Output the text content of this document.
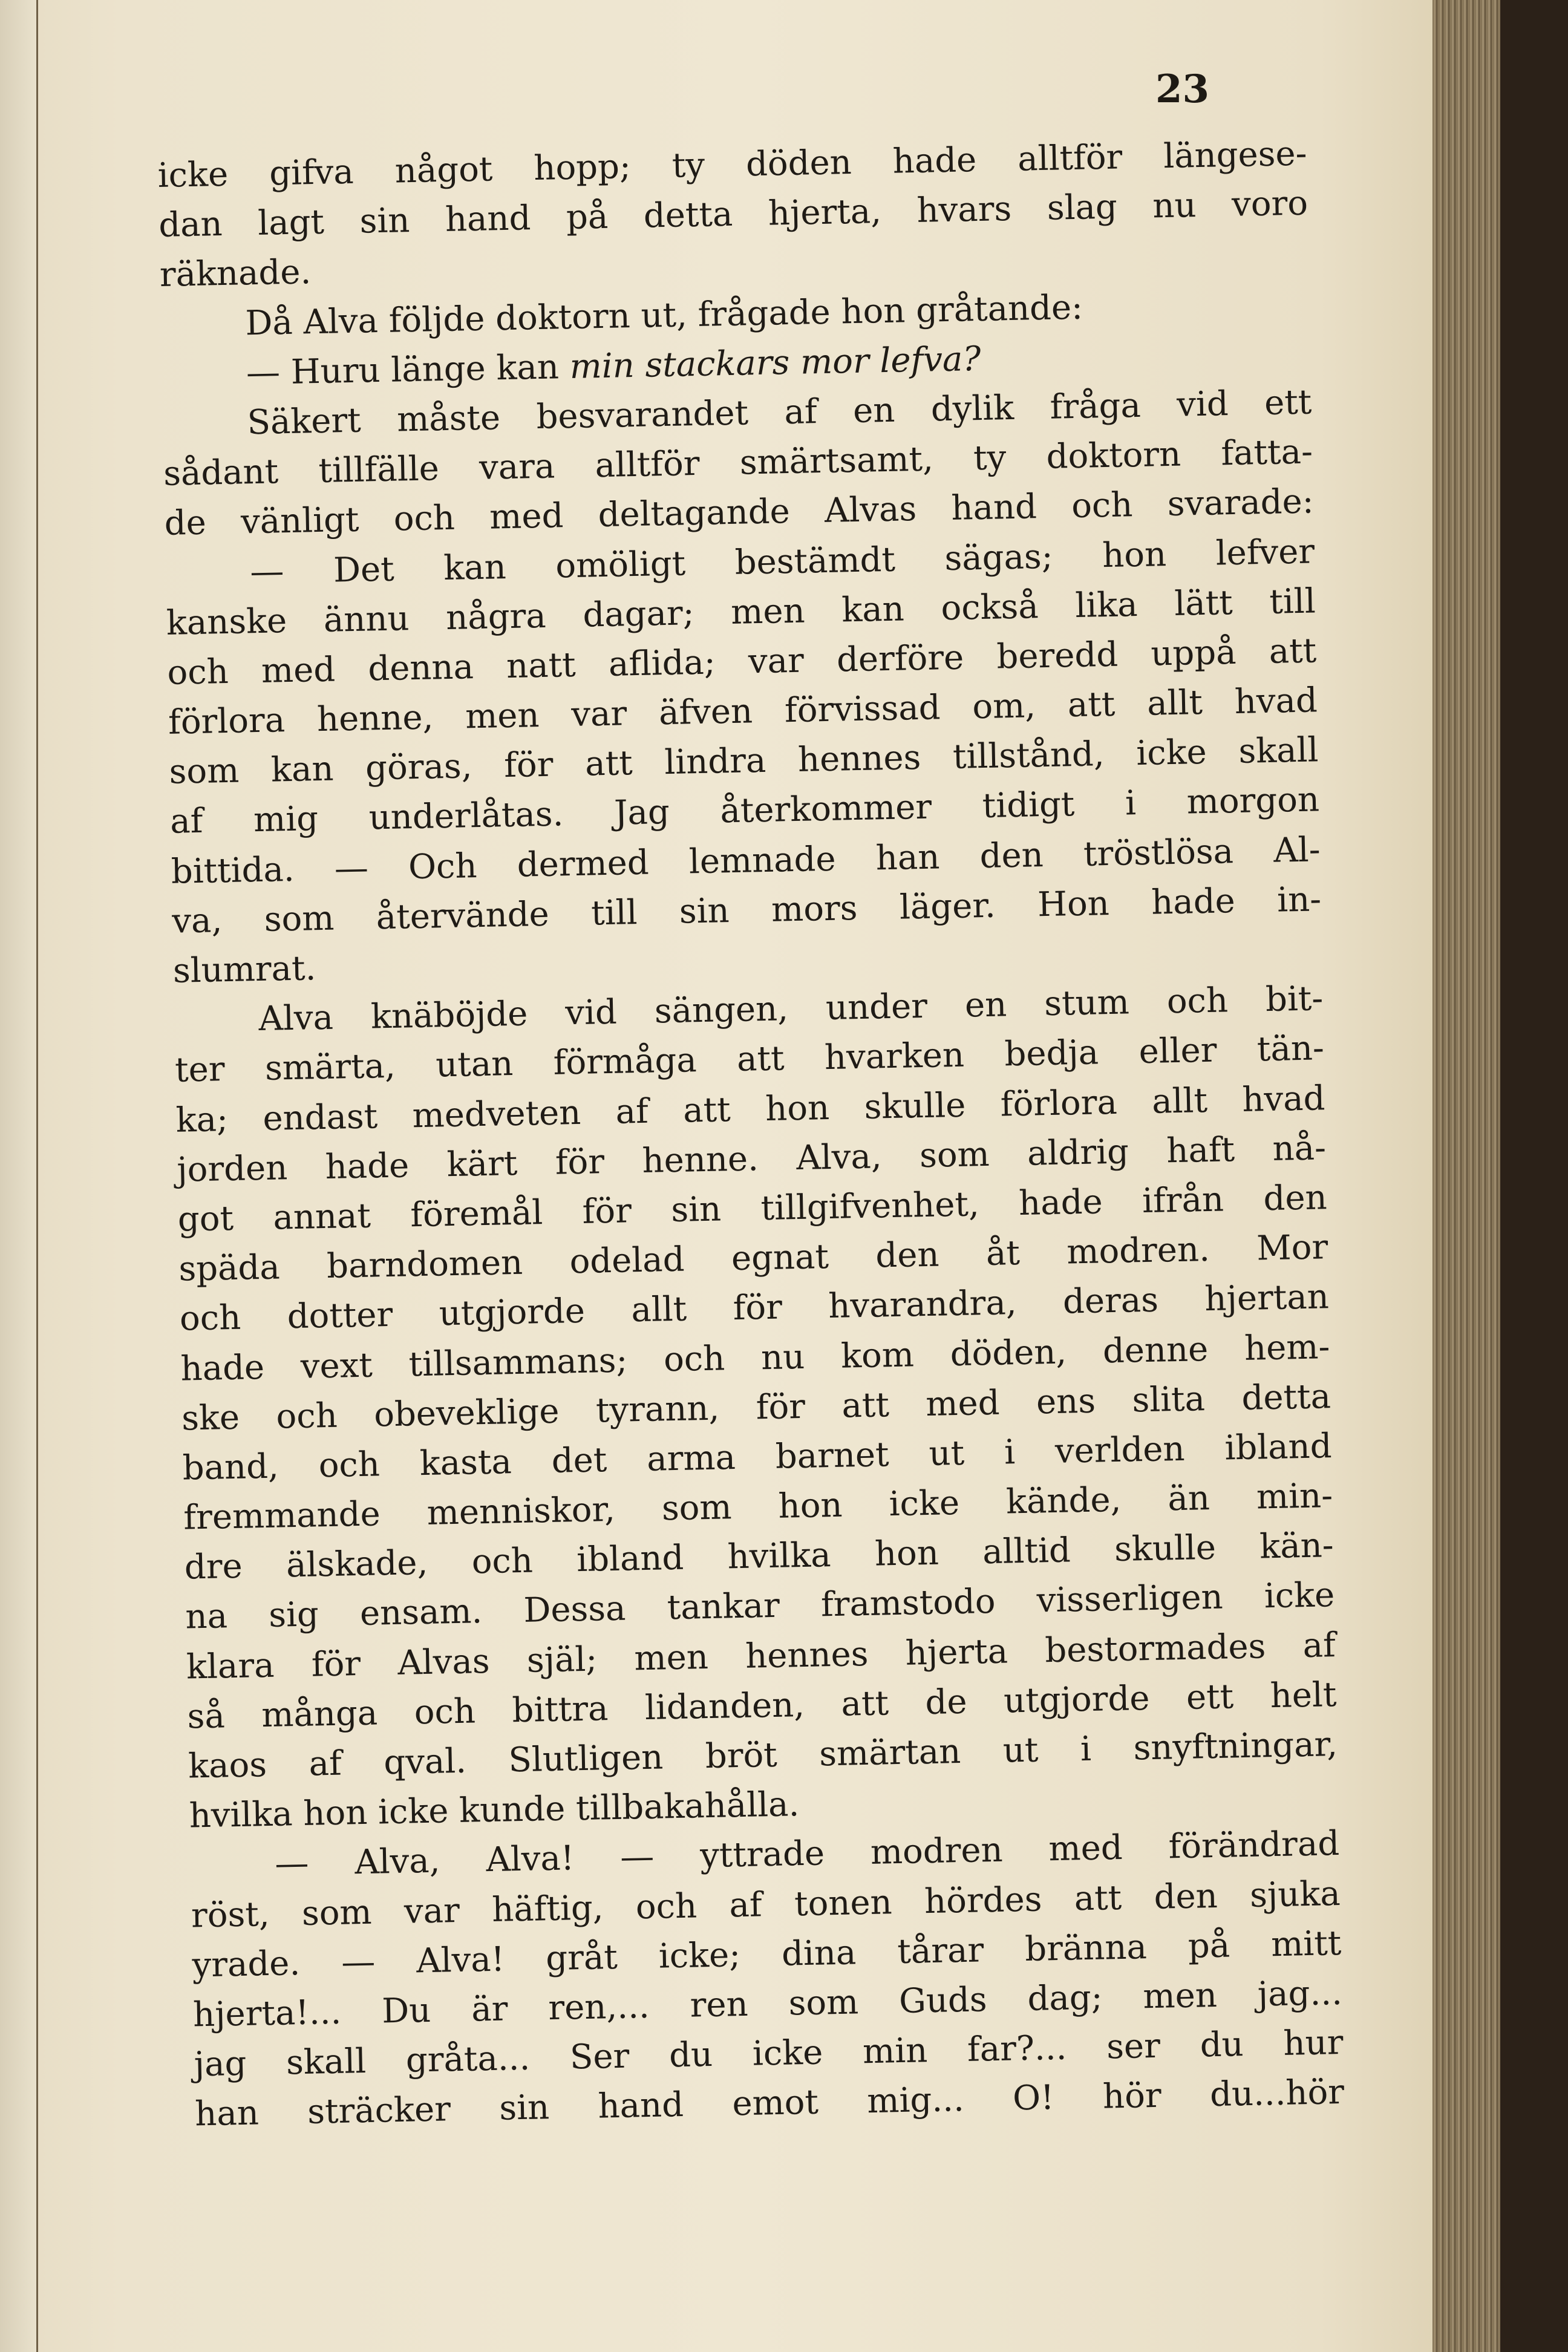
23
icke gifva något hopp; ty döden hade alltför längese-
dan lagt sin hand på detta hjerta, hvars slag nu voro
räknade.
Då Alva följde doktorn ut, frågade hon gråtande:
— Huru länge kan min stackars mor lefva?
Säkert måste besvarandet af en dylik fråga vid ett
sådant tillfälle vara alltför smärtsamt, ty doktorn fatta-
de vänligt och med deltagande Alvas hand och svarade:
— Det kan omöligt bestämdt sägas; hon lefver
kanske ännu några dagar; men kan också lika lätt till
och med denna natt aflida; var derföre beredd uppå att
förlora henne, men var äfven förvissad om, att allt hvad
som kan göras, för att lindra hennes tillstånd, icke skall
af mig underlåtas. Jag återkommer tidigt i morgon
bittida. — Och dermed lemnade han den tröstlösa Al-
va, som återvände till sin mors läger. Hon hade in-
slumrat.
Alva knäböjde vid sängen, under en stum och bit-
ter smärta, utan förmåga att hvarken bedja eller tän-
ka; endast medveten af att hon skulle förlora allt hvad
jorden hade kärt för henne. Alva, som aldrig haft nå-
got annat föremål för sin tillgifvenhet, hade ifrån den
späda barndomen odelad egnat den åt modren. Mor
och dotter utgjorde allt för hvarandra, deras hjertan
hade vext tillsammans; och nu kom döden, denne hem-
ske och obeveklige tyrann, för att med ens slita detta
band, och kasta det arma barnet ut i verlden ibland
fremmande menniskor, som hon icke kände, än min-
dre älskade, och ibland hvilka hon alltid skulle kän-
na sig ensam. Dessa tankar framstodo visserligen icke
klara för Alvas själ; men hennes hjerta bestormades af
så många och bittra lidanden, att de utgjorde ett helt
kaos af qval. Slutligen bröt smärtan ut i snyftningar,
hvilka hon icke kunde tillbakahålla.
— Alva, Alva! — yttrade modren med förändrad
röst, som var häftig, och af tonen hördes att den sjuka
yrade. — Alva! gråt icke; dina tårar bränna på mitt
hjerta!... Du är ren,... ren som Guds dag; men jag...
jag skall gråta... Ser du icke min far?... ser du hur
han sträcker sin hand emot mig... O! hör du...hör
